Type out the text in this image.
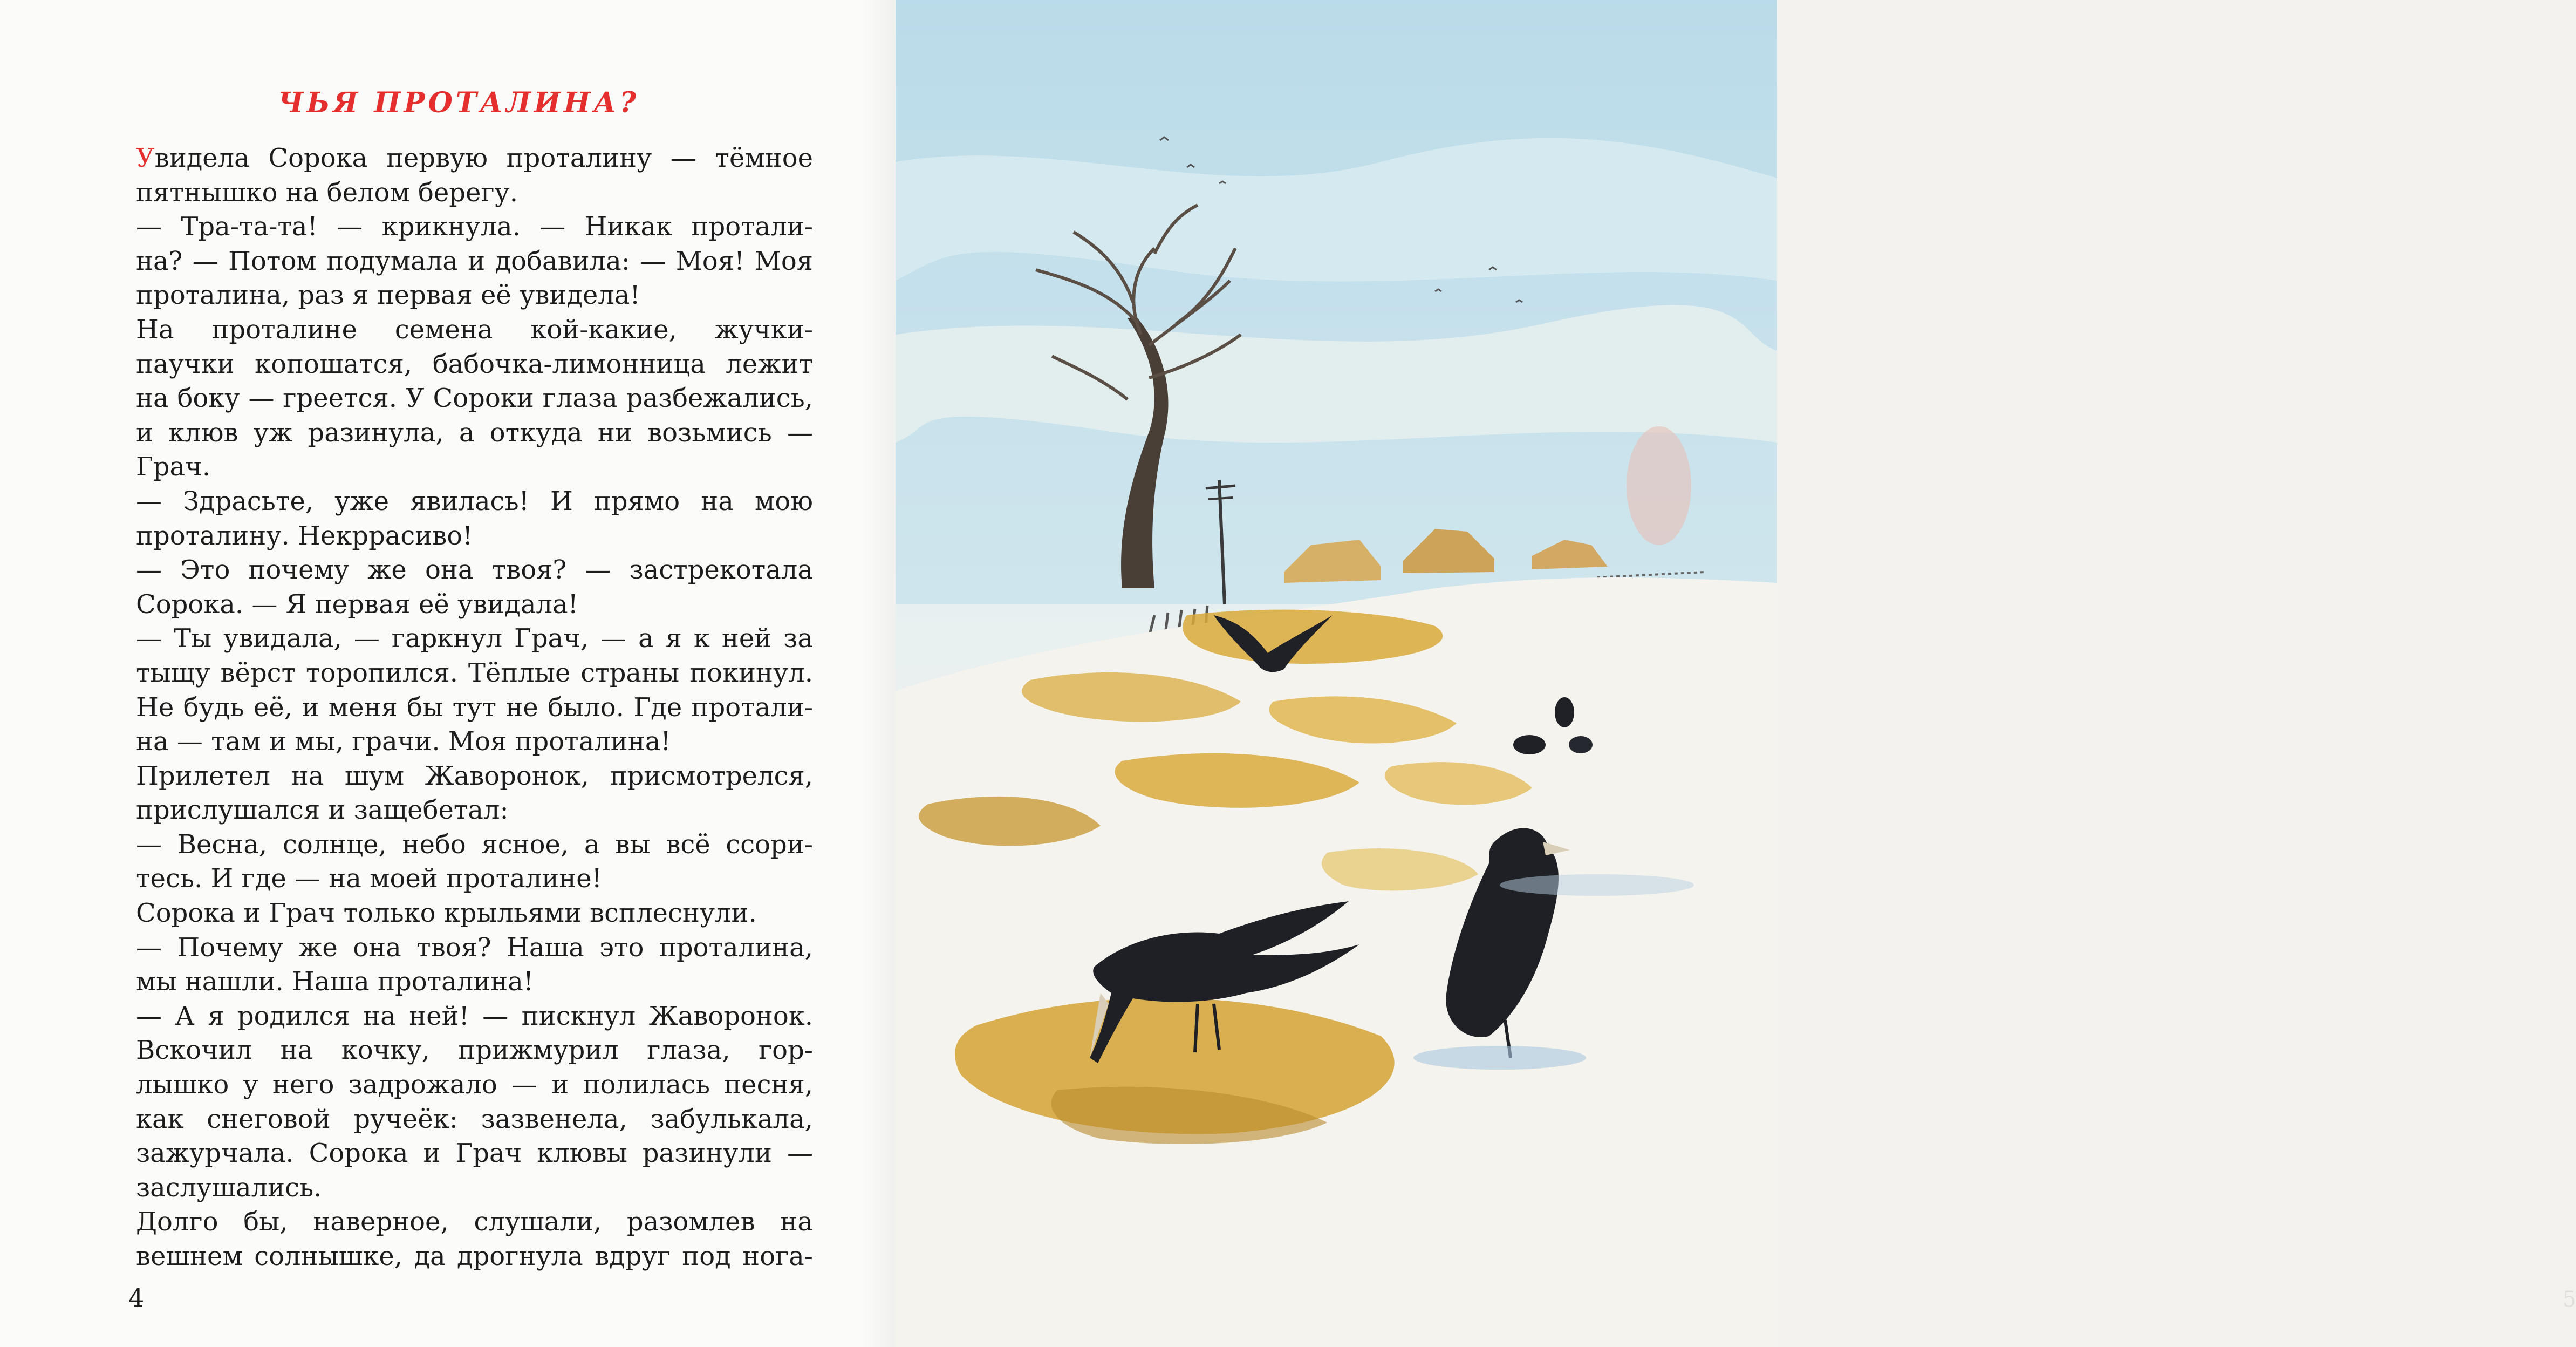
ЧЬЯ ПРОТАЛИНА?
Увидела Сорока первую проталину — тёмное
пятнышко на белом берегу.
— Тра-та-та! — крикнула. — Никак протали-
на? — Потом подумала и добавила: — Моя! Моя
проталина, раз я первая её увидела!
На проталине семена кой-какие, жучки-
паучки копошатся, бабочка-лимонница лежит
на боку — греется. У Сороки глаза разбежались,
и клюв уж разинула, а откуда ни возьмись —
Грач.
— Здрасьте, уже явилась! И прямо на мою
проталину. Некррасиво!
— Это почему же она твоя? — застрекотала
Сорока. — Я первая её увидала!
— Ты увидала, — гаркнул Грач, — а я к ней за
тыщу вёрст торопился. Тёплые страны покинул.
Не будь её, и меня бы тут не было. Где протали-
на — там и мы, грачи. Моя проталина!
Прилетел на шум Жаворонок, присмотрелся,
прислушался и защебетал:
— Весна, солнце, небо ясное, а вы всё ссори-
тесь. И где — на моей проталине!
Сорока и Грач только крыльями всплеснули.
— Почему же она твоя? Наша это проталина,
мы нашли. Наша проталина!
— А я родился на ней! — пискнул Жаворонок.
Вскочил на кочку, прижмурил глаза, гор-
лышко у него задрожало — и полилась песня,
как снеговой ручеёк: зазвенела, забулькала,
зажурчала. Сорока и Грач клювы разинули —
заслушались.
Долго бы, наверное, слушали, разомлев на
вешнем солнышке, да дрогнула вдруг под нога-
4	5
